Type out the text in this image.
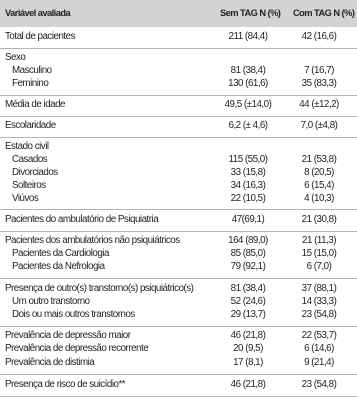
Variável avaliada	Sem TAG N (%) Com TAG N (%)
Total de pacientes	211 (84,4)	42 (16,6)
Sexo
Masculino	81 (38,4)	7 (16,7)
Feminino	130 (61,6)	35 (83,3)
Média de idade	49,5 (±14,0)	44 (±12,2)
Escolaridade	6,2 (± 4,6)	7,0 (±4,8)
Estado civil
Casados	115 (55,0)	21 (53,8)
Divorciados	33 (15,8)	8 (20,5)
Solteiros	34 (16,3)	6 (15,4)
Viúvos	22 (10,5)	4 (10,3)
Pacientes do ambulatório de Psiquiatria	47(69,1)	21 (30,8)
Pacientes dos ambulatórios não psiquiátricos	164 (89,0)	21 (11,3)
Pacientes da Cardiologia	85 (85,0)	15 (15,0)
Pacientes da Nefrologia	79 (92,1)	6 (7,0)
Presença de outro(s) transtorno(s) psiquiátrico(s)	81 (38,4)	37 (88,1)
Um outro transtorno	52 (24,6)	14 (33,3)
Dois ou mais outros transtornos	29 (13,7)	23 (54,8)
Prevalência de depressão maior	46 (21,8)	22 (53,7)
Prevalência de depressão recorrente	20 (9,5)	6 (14,6)
Prevalência de distimia	17 (8,1)	9 (21,4)
Presença de risco de suicídio**	46 (21,8)	23 (54,8)
